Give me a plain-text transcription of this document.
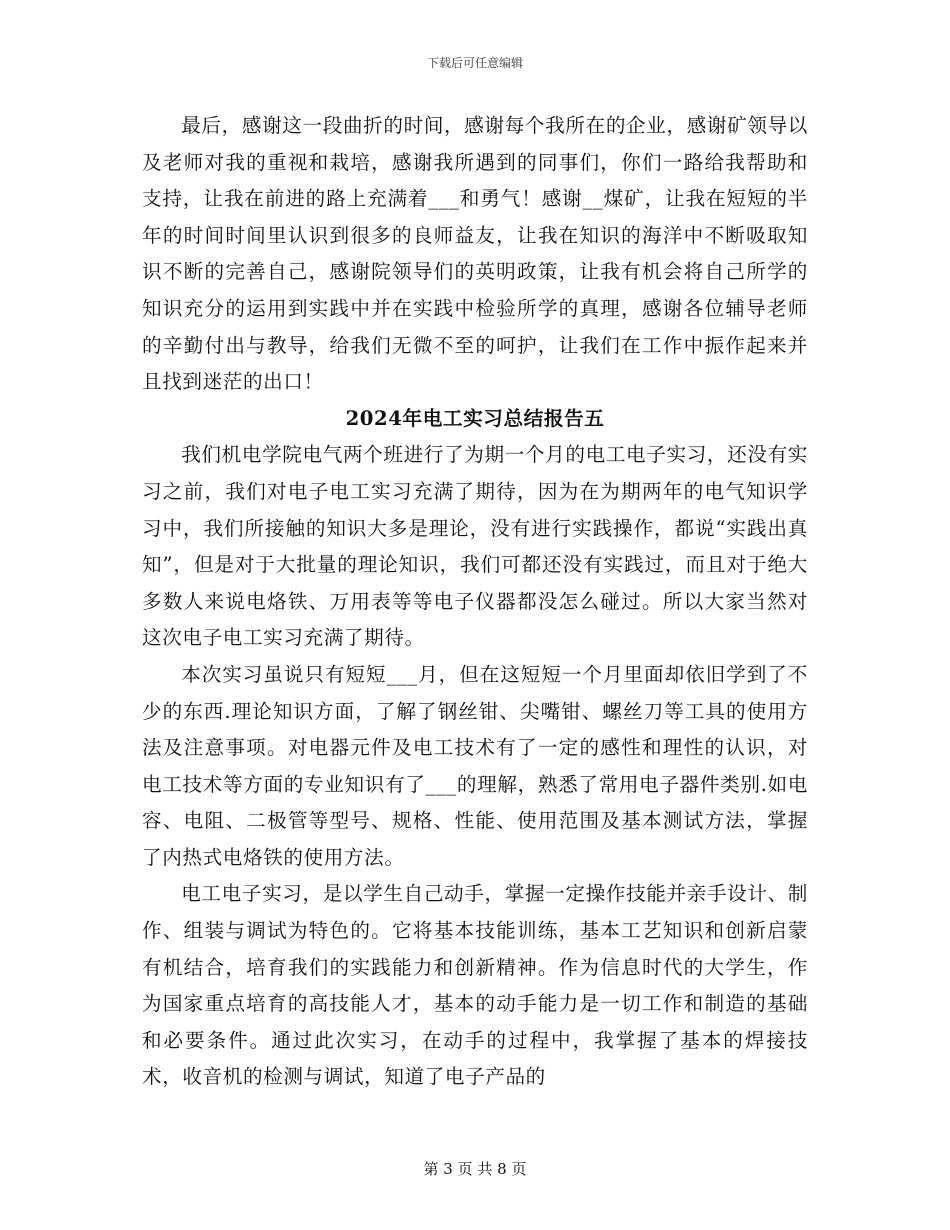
下载后可任意编辑

最后，感谢这一段曲折的时间，感谢每个我所在的企业，感谢矿领导以及老师对我的重视和栽培，感谢我所遇到的同事们，你们一路给我帮助和支持，让我在前进的路上充满着___和勇气！感谢__煤矿，让我在短短的半年的时间时间里认识到很多的良师益友，让我在知识的海洋中不断吸取知识不断的完善自己，感谢院领导们的英明政策，让我有机会将自己所学的知识充分的运用到实践中并在实践中检验所学的真理，感谢各位辅导老师的辛勤付出与教导，给我们无微不至的呵护，让我们在工作中振作起来并且找到迷茫的出口！

2024年电工实习总结报告五

我们机电学院电气两个班进行了为期一个月的电工电子实习，还没有实习之前，我们对电子电工实习充满了期待，因为在为期两年的电气知识学习中，我们所接触的知识大多是理论，没有进行实践操作，都说“实践出真知”，但是对于大批量的理论知识，我们可都还没有实践过，而且对于绝大多数人来说电烙铁、万用表等等电子仪器都没怎么碰过。所以大家当然对这次电子电工实习充满了期待。

本次实习虽说只有短短___月，但在这短短一个月里面却依旧学到了不少的东西.理论知识方面，了解了钢丝钳、尖嘴钳、螺丝刀等工具的使用方法及注意事项。对电器元件及电工技术有了一定的感性和理性的认识，对电工技术等方面的专业知识有了___的理解，熟悉了常用电子器件类别.如电容、电阻、二极管等型号、规格、性能、使用范围及基本测试方法，掌握了内热式电烙铁的使用方法。

电工电子实习，是以学生自己动手，掌握一定操作技能并亲手设计、制作、组装与调试为特色的。它将基本技能训练，基本工艺知识和创新启蒙有机结合，培育我们的实践能力和创新精神。作为信息时代的大学生，作为国家重点培育的高技能人才，基本的动手能力是一切工作和制造的基础和必要条件。通过此次实习，在动手的过程中，我掌握了基本的焊接技术，收音机的检测与调试，知道了电子产品的

第 3 页 共 8 页
